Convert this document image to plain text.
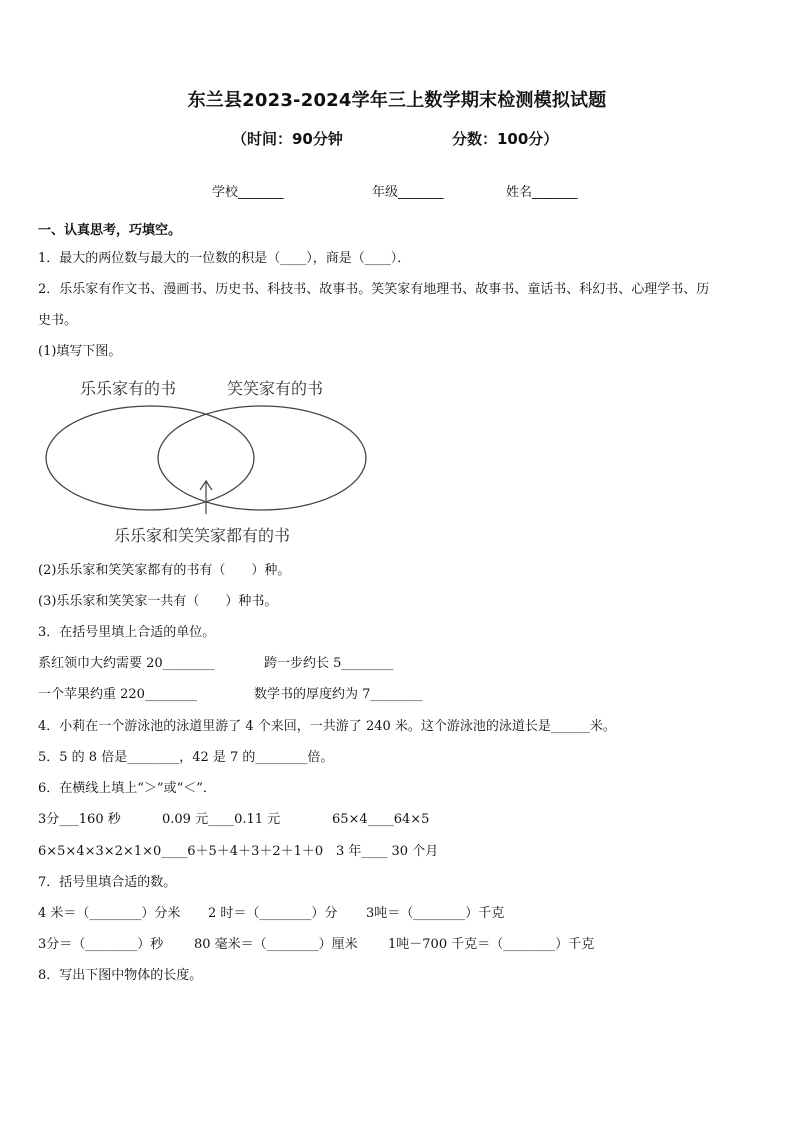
东兰县2023-2024学年三上数学期末检测模拟试题
（时间：90分钟	分数：100分）
学校_______	年级_______	姓名_______
一、认真思考，巧填空。
1．最大的两位数与最大的一位数的积是（____），商是（____）．
2．乐乐家有作文书、漫画书、历史书、科技书、故事书。笑笑家有地理书、故事书、童话书、科幻书、心理学书、历
史书。
(1)填写下图。
乐乐家有的书	笑笑家有的书
乐乐家和笑笑家都有的书
(2)乐乐家和笑笑家都有的书有（　　）种。
(3)乐乐家和笑笑家一共有（　　）种书。
3．在括号里填上合适的单位。
系红领巾大约需要 20________	跨一步约长 5________
一个苹果约重 220________	数学书的厚度约为 7________
4．小莉在一个游泳池的泳道里游了 4 个来回，一共游了 240 米。这个游泳池的泳道长是______米。
5．5 的 8 倍是________，42 是 7 的________倍。
6．在横线上填上“＞”或“＜”．
3分___160 秒	0.09 元____0.11 元	65×4____64×5
6×5×4×3×2×1×0____6＋5＋4＋3＋2＋1＋0 3 年____ 30 个月
7．括号里填合适的数。
4 米＝（________）分米 2 时＝（________）分 3吨＝（________）千克
3分＝（________）秒 80 毫米＝（________）厘米 1吨－700 千克＝（________）千克
8．写出下图中物体的长度。
